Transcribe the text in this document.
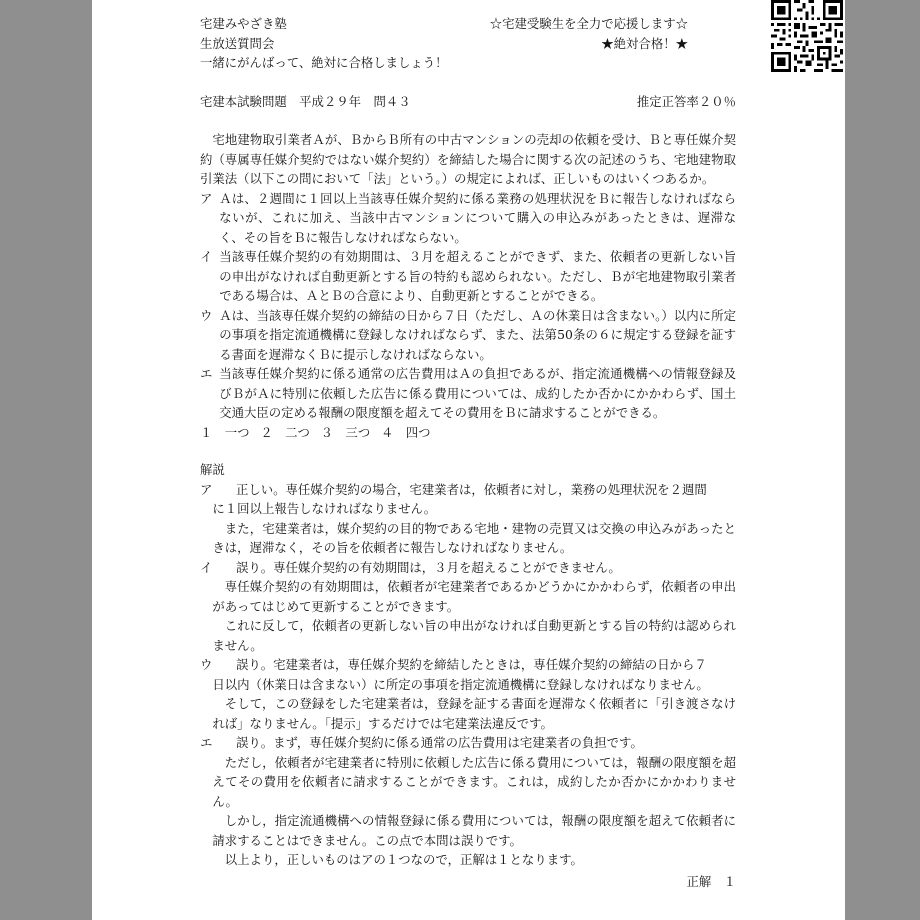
宅建みやざき塾	☆宅建受験生を全力で応援します☆
生放送質問会	★絶対合格！★
一緒にがんばって、絶対に合格しましょう！
宅建本試験問題　平成２９年　問４３	推定正答率２０％

宅地建物取引業者Ａが、ＢからＢ所有の中古マンションの売却の依頼を受け、Ｂと専任媒介契約（専属専任媒介契約ではない媒介契約）を締結した場合に関する次の記述のうち、宅地建物取引業法（以下この問において「法」という。）の規定によれば、正しいものはいくつあるか。

ア Ａは、２週間に１回以上当該専任媒介契約に係る業務の処理状況をＢに報告しなければならないが、これに加え、当該中古マンションについて購入の申込みがあったときは、遅滞なく、その旨をＢに報告しなければならない。
イ 当該専任媒介契約の有効期間は、３月を超えることができず、また、依頼者の更新しない旨の申出がなければ自動更新とする旨の特約も認められない。ただし、Ｂが宅地建物取引業者である場合は、ＡとＢの合意により、自動更新とすることができる。
ウ Ａは、当該専任媒介契約の締結の日から７日（ただし、Ａの休業日は含まない。）以内に所定の事項を指定流通機構に登録しなければならず、また、法第50条の６に規定する登録を証する書面を遅滞なくＢに提示しなければならない。
エ 当該専任媒介契約に係る通常の広告費用はＡの負担であるが、指定流通機構への情報登録及びＢがＡに特別に依頼した広告に係る費用については、成約したか否かにかかわらず、国土交通大臣の定める報酬の限度額を超えてその費用をＢに請求することができる。
１　一つ ２　二つ ３　三つ ４　四つ
解説
ア	正しい。専任媒介契約の場合，宅建業者は，依頼者に対し，業務の処理状況を２週間
に１回以上報告しなければなりません。

また，宅建業者は，媒介契約の目的物である宅地・建物の売買又は交換の申込みがあったときは，遅滞なく，その旨を依頼者に報告しなければなりません。

イ	誤り。専任媒介契約の有効期間は，３月を超えることができません。

専任媒介契約の有効期間は，依頼者が宅建業者であるかどうかにかかわらず，依頼者の申出があってはじめて更新することができます。

これに反して，依頼者の更新しない旨の申出がなければ自動更新とする旨の特約は認められません。

ウ	誤り。宅建業者は，専任媒介契約を締結したときは，専任媒介契約の締結の日から７
日以内（休業日は含まない）に所定の事項を指定流通機構に登録しなければなりません。

そして，この登録をした宅建業者は，登録を証する書面を遅滞なく依頼者に「引き渡さなければ」なりません。「提示」するだけでは宅建業法違反です。

エ	誤り。まず，専任媒介契約に係る通常の広告費用は宅建業者の負担です。

ただし，依頼者が宅建業者に特別に依頼した広告に係る費用については，報酬の限度額を超えてその費用を依頼者に請求することができます。これは，成約したか否かにかかわりません。

しかし，指定流通機構への情報登録に係る費用については，報酬の限度額を超えて依頼者に請求することはできません。この点で本問は誤りです。

以上より，正しいものはアの１つなので，正解は１となります。

正解　１
